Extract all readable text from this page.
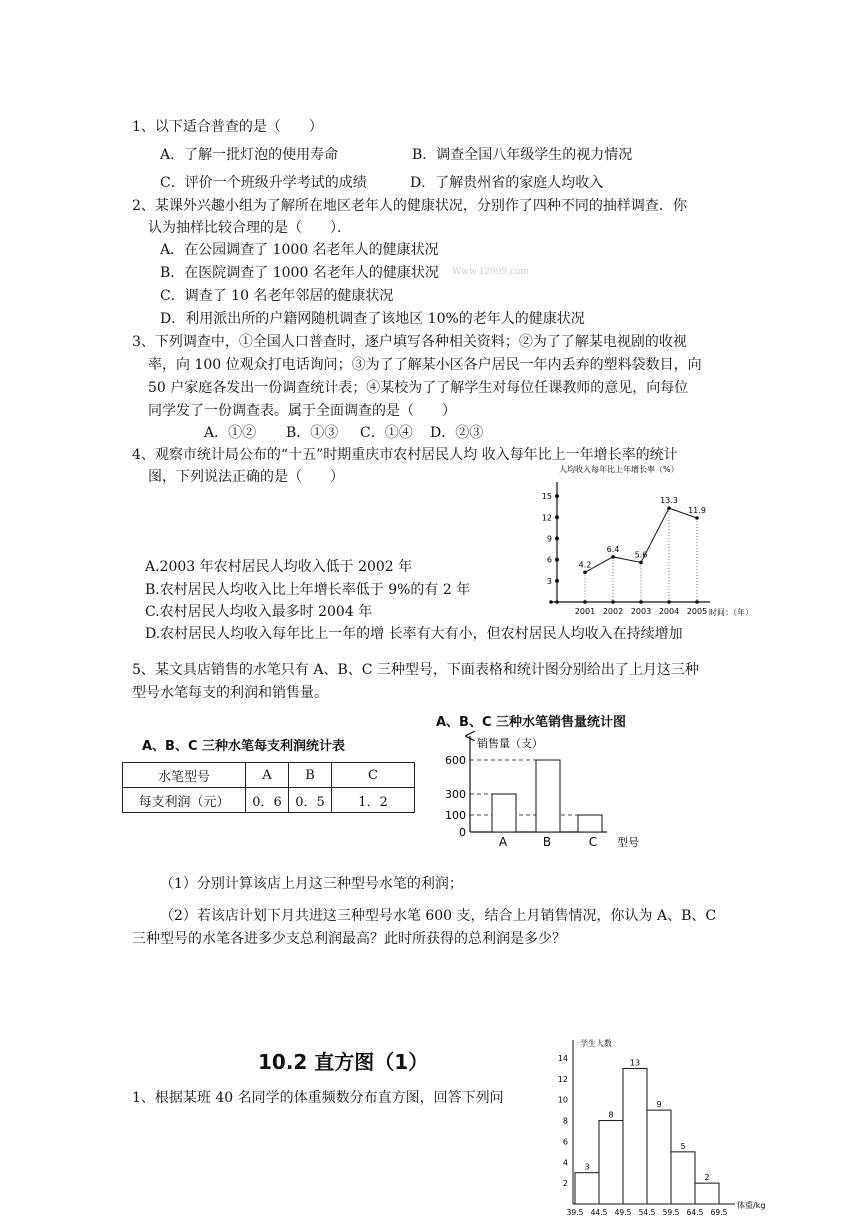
1、以下适合普查的是（　　）
A．了解一批灯泡的使用寿命	B．调查全国八年级学生的视力情况
C．评价一个班级升学考试的成绩	D．了解贵州省的家庭人均收入
2、某课外兴趣小组为了解所在地区老年人的健康状况，分别作了四种不同的抽样调查．你
认为抽样比较合理的是（　　）．
A．在公园调查了 1000 名老年人的健康状况
B．在医院调查了 1000 名老年人的健康状况 Www.12999.com
C．调查了 10 名老年邻居的健康状况
D．利用派出所的户籍网随机调查了该地区 10%的老年人的健康状况
3、下列调查中，①全国人口普查时，逐户填写各种相关资料；②为了了解某电视剧的收视
率，向 100 位观众打电话询问；③为了了解某小区各户居民一年内丢弃的塑料袋数目，向
50 户家庭各发出一份调查统计表；④某校为了了解学生对每位任课教师的意见，向每位
同学发了一份调查表。属于全面调查的是（　　）
A．①② B．①③ C．①④ D．②③
4、观察市统计局公布的“十五”时期重庆市农村居民人均 收入每年比上一年增长率的统计
图，下列说法正确的是（　　）	人均收入每年比上年增长率（%）
3
6
9
12
15
4.2
6.4
5.6
13.3
11.9
2001 2002 2003 2004 2005 时间：（年）
A.2003 年农村居民人均收入低于 2002 年
B.农村居民人均收入比上年增长率低于 9%的有 2 年
C.农村居民人均收入最多时 2004 年
D.农村居民人均收入每年比上一年的增 长率有大有小，但农村居民人均收入在持续增加
5、某文具店销售的水笔只有 A、B、C 三种型号，下面表格和统计图分别给出了上月这三种
型号水笔每支的利润和销售量。
A、B、C 三种水笔每支利润统计表
水笔型号	A	B	C
每支利润（元）	0．6	0．5	1．2
A、B、C 三种水笔销售量统计图
销售量（支）
0
100
300
600
A	B	C 型号
（1）分别计算该店上月这三种型号水笔的利润；
（2）若该店计划下月共进这三种型号水笔 600 支，结合上月销售情况，你认为 A、B、C
三种型号的水笔各进多少支总利润最高？此时所获得的总利润是多少？
10.2 直方图（1）
1、根据某班 40 名同学的体重频数分布直方图，回答下列问
学生人数
2
4
6
8
10
12
14
3
8
13
9
5
2
39.5 44.5 49.5 54.5 59.5 64.5 69.5
体重/kg
